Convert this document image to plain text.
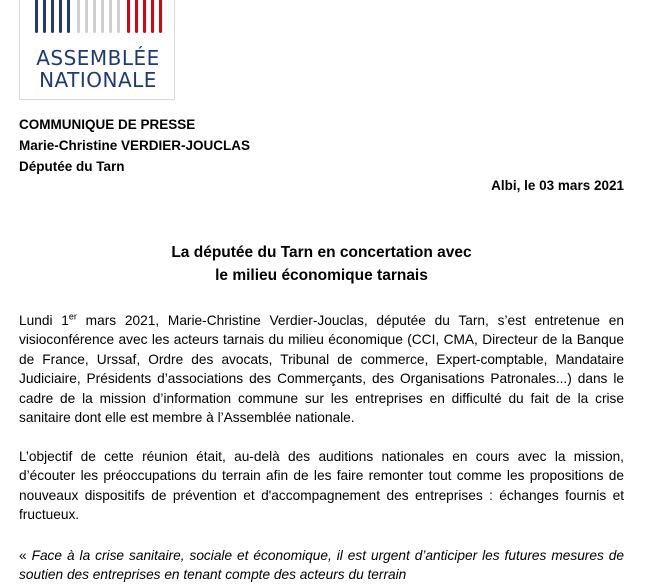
ASSEMBLÉE
NATIONALE
COMMUNIQUE DE PRESSE
Marie-Christine VERDIER-JOUCLAS
Députée du Tarn
Albi, le 03 mars 2021
La députée du Tarn en concertation avec
le milieu économique tarnais

Lundi 1er mars 2021, Marie-Christine Verdier-Jouclas, députée du Tarn, s’est entretenue en visioconférence avec les acteurs tarnais du milieu économique (CCI, CMA, Directeur de la Banque de France, Urssaf, Ordre des avocats, Tribunal de commerce, Expert-comptable, Mandataire Judiciaire, Présidents d’associations des Commerçants, des Organisations Patronales...) dans le cadre de la mission d’information commune sur les entreprises en difficulté du fait de la crise sanitaire dont elle est membre à l’Assemblée nationale.

L’objectif de cette réunion était, au-delà des auditions nationales en cours avec la mission, d’écouter les préoccupations du terrain afin de les faire remonter tout comme les propositions de nouveaux dispositifs de prévention et d'accompagnement des entreprises : échanges fournis et fructueux.

« Face à la crise sanitaire, sociale et économique, il est urgent d’anticiper les futures mesures de soutien des entreprises en tenant compte des acteurs du terrain
